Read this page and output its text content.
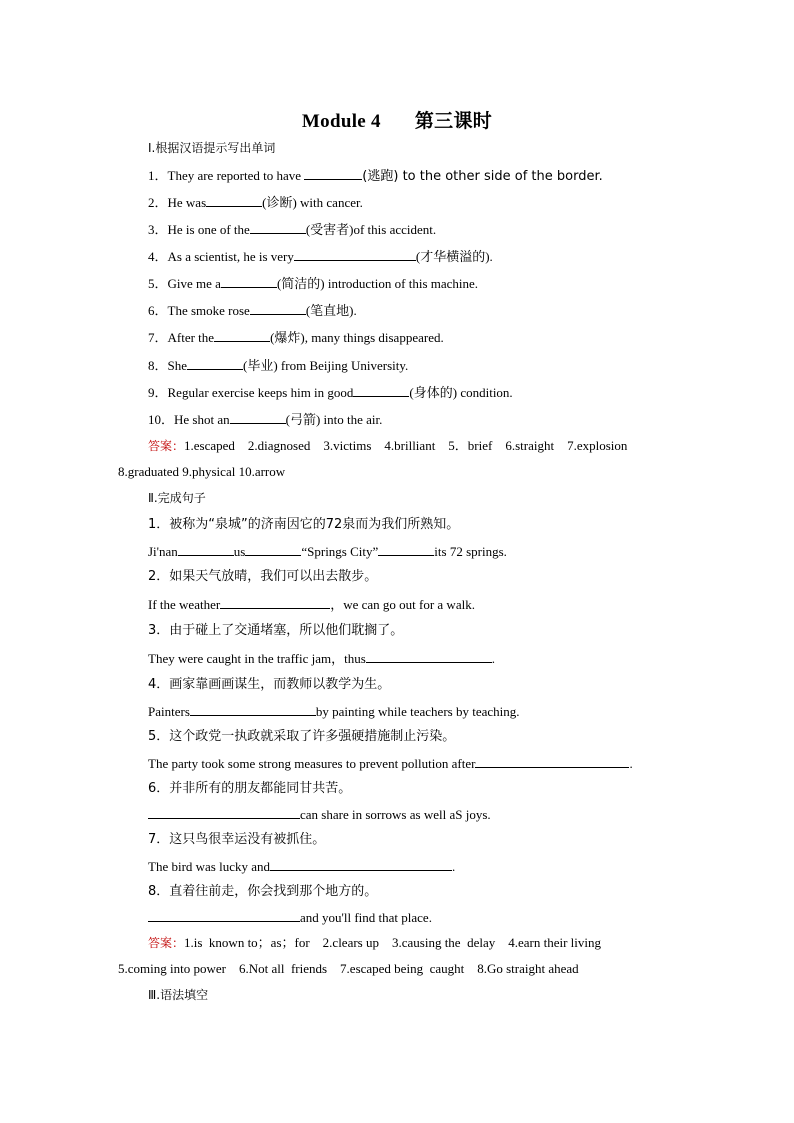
Module 4 第三课时
Ⅰ.根据汉语提示写出单词
1．They are reported to have	(逃跑) to the other side of the border.
2．He was	(诊断) with cancer.
3．He is one of the	(受害者)of this accident.
4．As a scientist, he is very	(才华横溢的).
5．Give me a	(简洁的) introduction of this machine.
6．The smoke rose	(笔直地).
7．After the	(爆炸), many things disappeared.
8．She	(毕业) from Beijing University.
9．Regular exercise keeps him in good	(身体的) condition.
10．He shot an	(弓箭) into the air.
答案：1.escaped    2.diagnosed    3.victims    4.brilliant    5．brief    6.straight    7.explosion
8.graduated 9.physical 10.arrow
Ⅱ.完成句子
1．被称为“泉城”的济南因它的72泉而为我们所熟知。
Ji'nan	us	“Springs City”	its 72 springs.
2．如果天气放晴，我们可以出去散步。
If the weather	，we can go out for a walk.
3．由于碰上了交通堵塞，所以他们耽搁了。
They were caught in the traffic jam，thus	.
4．画家靠画画谋生，而教师以教学为生。
Painters	by painting while teachers by teaching.
5．这个政党一执政就采取了许多强硬措施制止污染。
The party took some strong measures to prevent pollution after	.
6．并非所有的朋友都能同甘共苦。
can share in sorrows as well aS joys.
7．这只鸟很幸运没有被抓住。
The bird was lucky and	.
8．直着往前走，你会找到那个地方的。
and you'll find that place.
答案：1.is  known to；as；for    2.clears up    3.causing the  delay    4.earn their living
5.coming into power    6.Not all  friends    7.escaped being  caught    8.Go straight ahead
Ⅲ.语法填空
